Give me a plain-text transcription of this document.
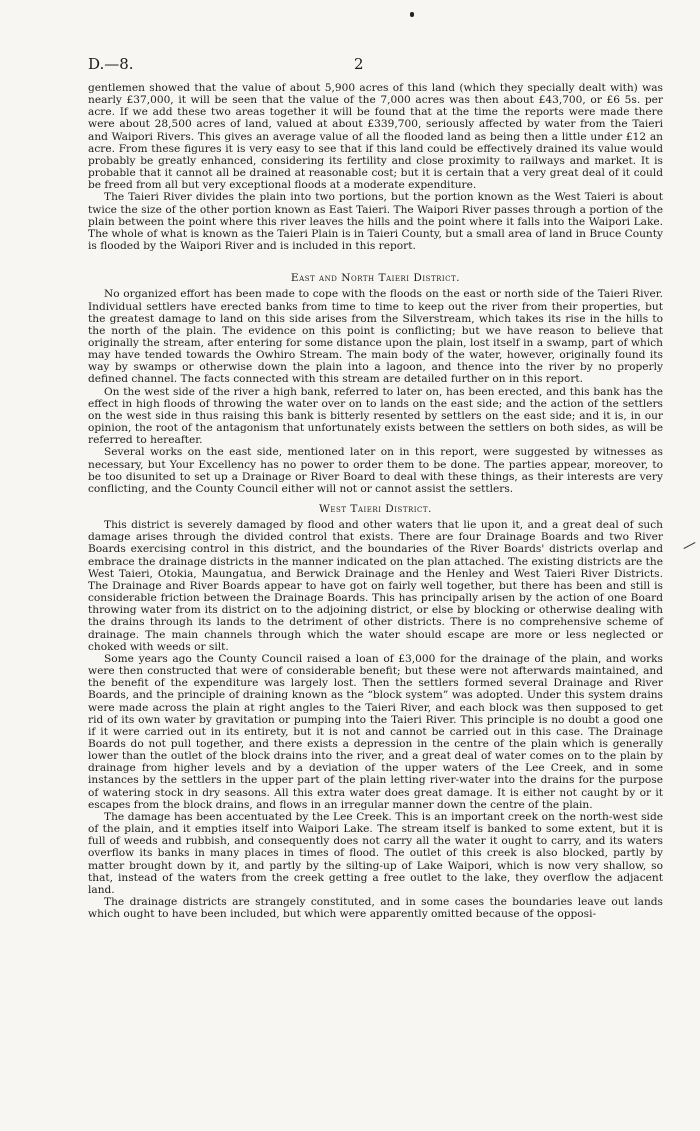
D.—8.	2

gentlemen showed that the value of about 5,900 acres of this land (which they specially dealt with) was nearly £37,000, it will be seen that the value of the 7,000 acres was then about £43,700, or £6 5s. per acre. If we add these two areas together it will be found that at the time the reports were made there were about 28,500 acres of land, valued at about £339,700, seriously affected by water from the Taieri and Waipori Rivers. This gives an average value of all the flooded land as being then a little under £12 an acre. From these figures it is very easy to see that if this land could be effectively drained its value would probably be greatly enhanced, considering its fertility and close proximity to railways and market. It is probable that it cannot all be drained at reasonable cost; but it is certain that a very great deal of it could be freed from all but very exceptional floods at a moderate expenditure.

The Taieri River divides the plain into two portions, but the portion known as the West Taieri is about twice the size of the other portion known as East Taieri. The Waipori River passes through a portion of the plain between the point where this river leaves the hills and the point where it falls into the Waipori Lake. The whole of what is known as the Taieri Plain is in Taieri County, but a small area of land in Bruce County is flooded by the Waipori River and is included in this report.

East and North Taieri District.

No organized effort has been made to cope with the floods on the east or north side of the Taieri River. Individual settlers have erected banks from time to time to keep out the river from their properties, but the greatest damage to land on this side arises from the Silverstream, which takes its rise in the hills to the north of the plain. The evidence on this point is conflicting; but we have reason to believe that originally the stream, after entering for some distance upon the plain, lost itself in a swamp, part of which may have tended towards the Owhiro Stream. The main body of the water, however, originally found its way by swamps or otherwise down the plain into a lagoon, and thence into the river by no properly defined channel. The facts connected with this stream are detailed further on in this report.

On the west side of the river a high bank, referred to later on, has been erected, and this bank has the effect in high floods of throwing the water over on to lands on the east side; and the action of the settlers on the west side in thus raising this bank is bitterly resented by settlers on the east side; and it is, in our opinion, the root of the antagonism that unfortunately exists between the settlers on both sides, as will be referred to hereafter.

Several works on the east side, mentioned later on in this report, were suggested by witnesses as necessary, but Your Excellency has no power to order them to be done. The parties appear, moreover, to be too disunited to set up a Drainage or River Board to deal with these things, as their interests are very conflicting, and the County Council either will not or cannot assist the settlers.

West Taieri District.

This district is severely damaged by flood and other waters that lie upon it, and a great deal of such damage arises through the divided control that exists. There are four Drainage Boards and two River Boards exercising control in this district, and the boundaries of the River Boards' districts overlap and embrace the drainage districts in the manner indicated on the plan attached. The existing districts are the West Taieri, Otokia, Maungatua, and Berwick Drainage and the Henley and West Taieri River Districts. The Drainage and River Boards appear to have got on fairly well together, but there has been and still is considerable friction between the Drainage Boards. This has principally arisen by the action of one Board throwing water from its district on to the adjoining district, or else by blocking or otherwise dealing with the drains through its lands to the detriment of other districts. There is no comprehensive scheme of drainage. The main channels through which the water should escape are more or less neglected or choked with weeds or silt.

Some years ago the County Council raised a loan of £3,000 for the drainage of the plain, and works were then constructed that were of considerable benefit; but these were not afterwards maintained, and the benefit of the expenditure was largely lost. Then the settlers formed several Drainage and River Boards, and the principle of draining known as the “block system” was adopted. Under this system drains were made across the plain at right angles to the Taieri River, and each block was then supposed to get rid of its own water by gravitation or pumping into the Taieri River. This principle is no doubt a good one if it were carried out in its entirety, but it is not and cannot be carried out in this case. The Drainage Boards do not pull together, and there exists a depression in the centre of the plain which is generally lower than the outlet of the block drains into the river, and a great deal of water comes on to the plain by drainage from higher levels and by a deviation of the upper waters of the Lee Creek, and in some instances by the settlers in the upper part of the plain letting river-water into the drains for the purpose of watering stock in dry seasons. All this extra water does great damage. It is either not caught by or it escapes from the block drains, and flows in an irregular manner down the centre of the plain.

The damage has been accentuated by the Lee Creek. This is an important creek on the north-west side of the plain, and it empties itself into Waipori Lake. The stream itself is banked to some extent, but it is full of weeds and rubbish, and consequently does not carry all the water it ought to carry, and its waters overflow its banks in many places in times of flood. The outlet of this creek is also blocked, partly by matter brought down by it, and partly by the silting-up of Lake Waipori, which is now very shallow, so that, instead of the waters from the creek getting a free outlet to the lake, they overflow the adjacent land.

The drainage districts are strangely constituted, and in some cases the boundaries leave out lands which ought to have been included, but which were apparently omitted because of the opposi-
